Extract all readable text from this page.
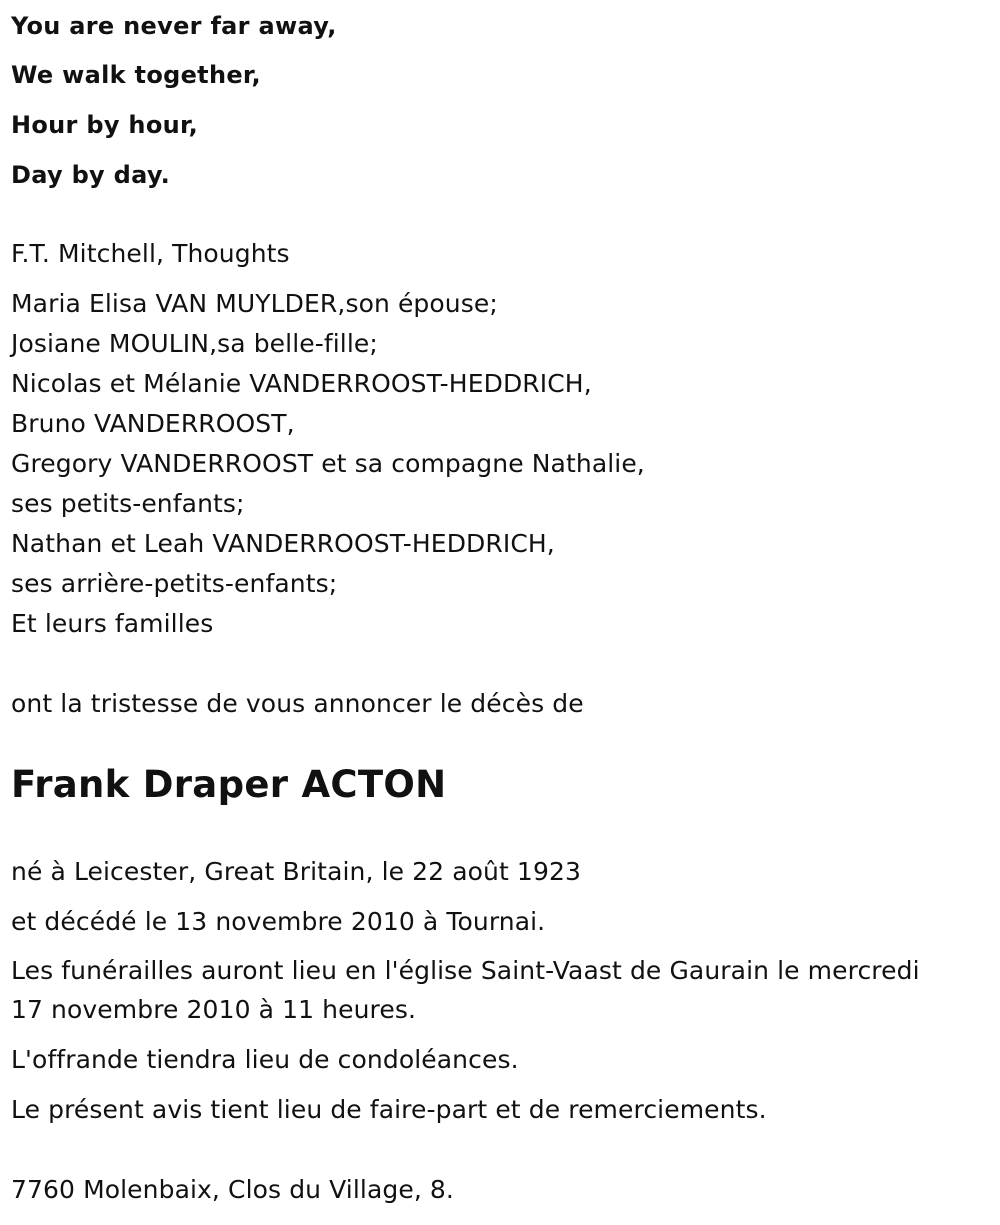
You are never far away,
We walk together,
Hour by hour,
Day by day.
F.T. Mitchell, Thoughts
Maria Elisa VAN MUYLDER,son épouse;
Josiane MOULIN,sa belle-fille;
Nicolas et Mélanie VANDERROOST-HEDDRICH,
Bruno VANDERROOST,
Gregory VANDERROOST et sa compagne Nathalie,
ses petits-enfants;
Nathan et Leah VANDERROOST-HEDDRICH,
ses arrière-petits-enfants;
Et leurs familles
ont la tristesse de vous annoncer le décès de
Frank Draper ACTON
né à Leicester, Great Britain, le 22 août 1923
et décédé le 13 novembre 2010 à Tournai.
Les funérailles auront lieu en l'église Saint-Vaast de Gaurain le mercredi
17 novembre 2010 à 11 heures.
L'offrande tiendra lieu de condoléances.
Le présent avis tient lieu de faire-part et de remerciements.
7760 Molenbaix, Clos du Village, 8.
